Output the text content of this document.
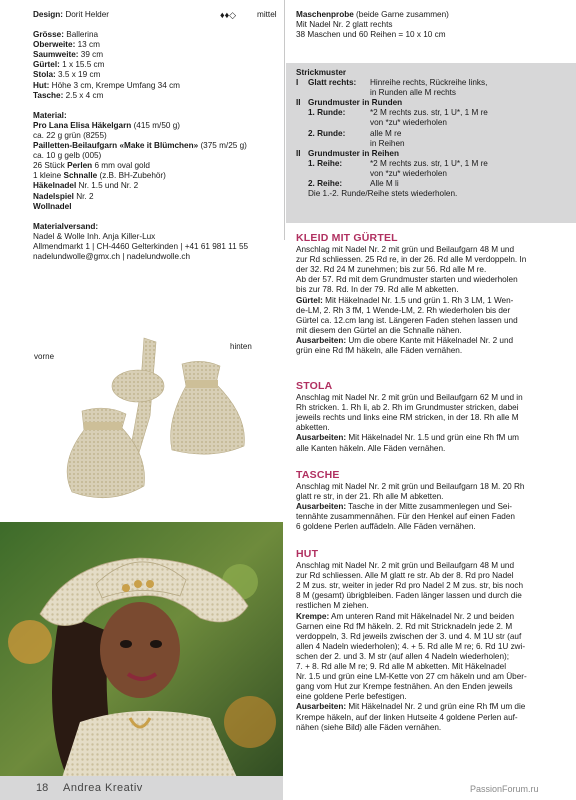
Design: Dorit Helder	♦♦◇	mittel
Grösse: Ballerina
Oberweite: 13 cm
Saumweite: 39 cm
Gürtel: 1 x 15.5 cm
Stola: 3.5 x 19 cm
Hut: Höhe 3 cm, Krempe Umfang 34 cm
Tasche: 2.5 x 4 cm
Material:
Pro Lana Elisa Häkelgarn (415 m/50 g)
ca. 22 g grün (8255)
Pailletten-Beilaufgarn «Make it Blümchen» (375 m/25 g)
ca. 10 g gelb (005)
26 Stück Perlen 6 mm oval gold
1 kleine Schnalle (z.B. BH-Zubehör)
Häkelnadel Nr. 1.5 und Nr. 2
Nadelspiel Nr. 2
Wollnadel
Materialversand:
Nadel & Wolle Inh. Anja Killer-Lux
Allmendmarkt 1 | CH-4460 Gelterkinden | +41 61 981 11 55
nadelundwolle@gmx.ch | nadelundwolle.ch
Maschenprobe (beide Garne zusammen)
Mit Nadel Nr. 2 glatt rechts
38 Maschen und 60 Reihen = 10 x 10 cm
Strickmuster
I Glatt rechts: Hinreihe rechts, Rückreihe links,
in Runden alle M rechts
II Grundmuster in Runden
1. Runde:	*2 M rechts zus. str, 1 U*, 1 M re
von *zu* wiederholen
2. Runde:	alle M re
in Reihen
II Grundmuster in Reihen
1. Reihe:	*2 M rechts zus. str, 1 U*, 1 M re
von *zu* wiederholen
2. Reihe:	Alle M li
Die 1.-2. Runde/Reihe stets wiederholen.
KLEID MIT GÜRTEL
Anschlag mit Nadel Nr. 2 mit grün und Beilaufgarn 48 M und
zur Rd schliessen. 25 Rd re, in der 26. Rd alle M verdoppeln. In
der 32. Rd 24 M zunehmen; bis zur 56. Rd alle M re.
Ab der 57. Rd mit dem Grundmuster starten und wiederholen
bis zur 78. Rd. In der 79. Rd alle M abketten.
Gürtel: Mit Häkelnadel Nr. 1.5 und grün 1. Rh 3 LM, 1 Wen-
de-LM, 2. Rh 3 fM, 1 Wende-LM, 2. Rh wiederholen bis der
Gürtel ca. 12.cm lang ist. Längeren Faden stehen lassen und
mit diesem den Gürtel an die Schnalle nähen.
Ausarbeiten: Um die obere Kante mit Häkelnadel Nr. 2 und
grün eine Rd fM häkeln, alle Fäden vernähen.
STOLA
Anschlag mit Nadel Nr. 2 mit grün und Beilaufgarn 62 M und in
Rh stricken. 1. Rh li, ab 2. Rh im Grundmuster stricken, dabei
jeweils rechts und links eine RM stricken, in der 18. Rh alle M
abketten.
Ausarbeiten: Mit Häkelnadel Nr. 1.5 und grün eine Rh fM um
alle Kanten häkeln. Alle Fäden vernähen.
TASCHE
Anschlag mit Nadel Nr. 2 mit grün und Beilaufgarn 18 M. 20 Rh
glatt re str, in der 21. Rh alle M abketten.
Ausarbeiten: Tasche in der Mitte zusammenlegen und Sei-
tennähte zusammennähen. Für den Henkel auf einen Faden
6 goldene Perlen auffädeln. Alle Fäden vernähen.
HUT
Anschlag mit Nadel Nr. 2 mit grün und Beilaufgarn 48 M und
zur Rd schliessen. Alle M glatt re str. Ab der 8. Rd pro Nadel
2 M zus. str, weiter in jeder Rd pro Nadel 2 M zus. str, bis noch
8 M (gesamt) übrigbleiben. Faden länger lassen und durch die
restlichen M ziehen.
Krempe: Am unteren Rand mit Häkelnadel Nr. 2 und beiden
Garnen eine Rd fM häkeln. 2. Rd mit Stricknadeln jede 2. M
verdoppeln, 3. Rd jeweils zwischen der 3. und 4. M 1U str (auf
allen 4 Nadeln wiederholen); 4. + 5. Rd alle M re; 6. Rd 1U zwi-
schen der 2. und 3. M str (auf allen 4 Nadeln wiederholen);
7. + 8. Rd alle M re; 9. Rd alle M abketten. Mit Häkelnadel
Nr. 1.5 und grün eine LM-Kette von 27 cm häkeln und am Über-
gang vom Hut zur Krempe festnähen. An den Enden jeweils
eine goldene Perle befestigen.
Ausarbeiten: Mit Häkelnadel Nr. 2 und grün eine Rh fM um die
Krempe häkeln, auf der linken Hutseite 4 goldene Perlen auf-
nähen (siehe Bild) alle Fäden vernähen.
vorne
hinten
18 Andrea Kreativ	PassionForum.ru
